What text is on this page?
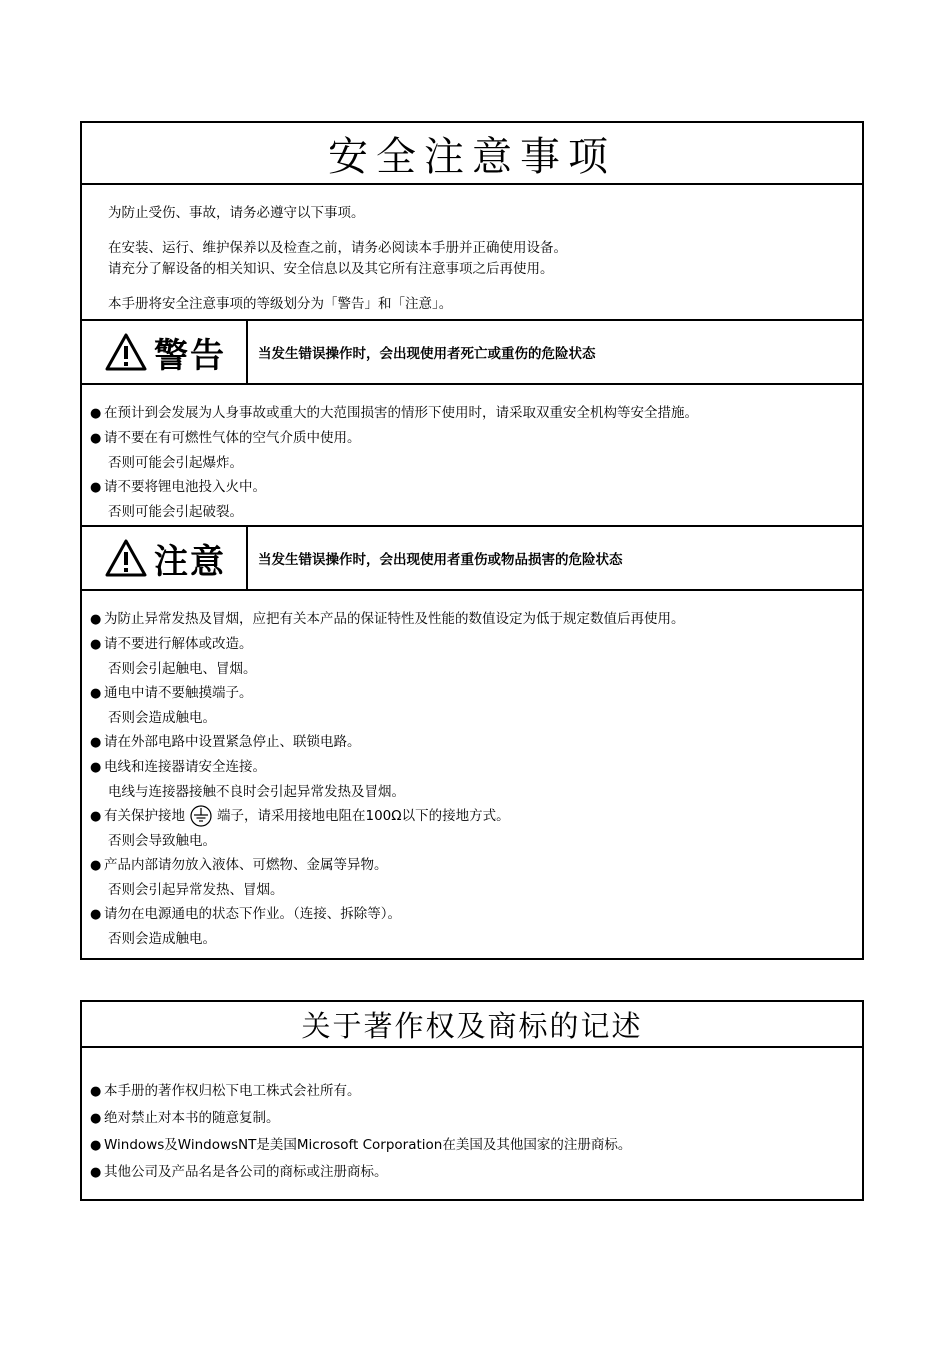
安全注意事项

为防止受伤、事故，请务必遵守以下事项。

在安装、运行、维护保养以及检查之前，请务必阅读本手册并正确使用设备。

请充分了解设备的相关知识、安全信息以及其它所有注意事项之后再使用。

本手册将安全注意事项的等级划分为「警告」和「注意」。

警告	当发生错误操作时，会出现使用者死亡或重伤的危险状态
● 在预计到会发展为人身事故或重大的大范围损害的情形下使用时，请采取双重安全机构等安全措施。
● 请不要在有可燃性气体的空气介质中使用。
否则可能会引起爆炸。
● 请不要将锂电池投入火中。
否则可能会引起破裂。
注意	当发生错误操作时，会出现使用者重伤或物品损害的危险状态
● 为防止异常发热及冒烟，应把有关本产品的保证特性及性能的数值设定为低于规定数值后再使用。
● 请不要进行解体或改造。
否则会引起触电、冒烟。
● 通电中请不要触摸端子。
否则会造成触电。
● 请在外部电路中设置紧急停止、联锁电路。
● 电线和连接器请安全连接。
电线与连接器接触不良时会引起异常发热及冒烟。
● 有关保护接地 端子，请采用接地电阻在100Ω以下的接地方式。
否则会导致触电。
● 产品内部请勿放入液体、可燃物、金属等异物。
否则会引起异常发热、冒烟。
● 请勿在电源通电的状态下作业。（连接、拆除等）。
否则会造成触电。
关于著作权及商标的记述
● 本手册的著作权归松下电工株式会社所有。
● 绝对禁止对本书的随意复制。
● Windows及WindowsNT是美国Microsoft Corporation在美国及其他国家的注册商标。
● 其他公司及产品名是各公司的商标或注册商标。
